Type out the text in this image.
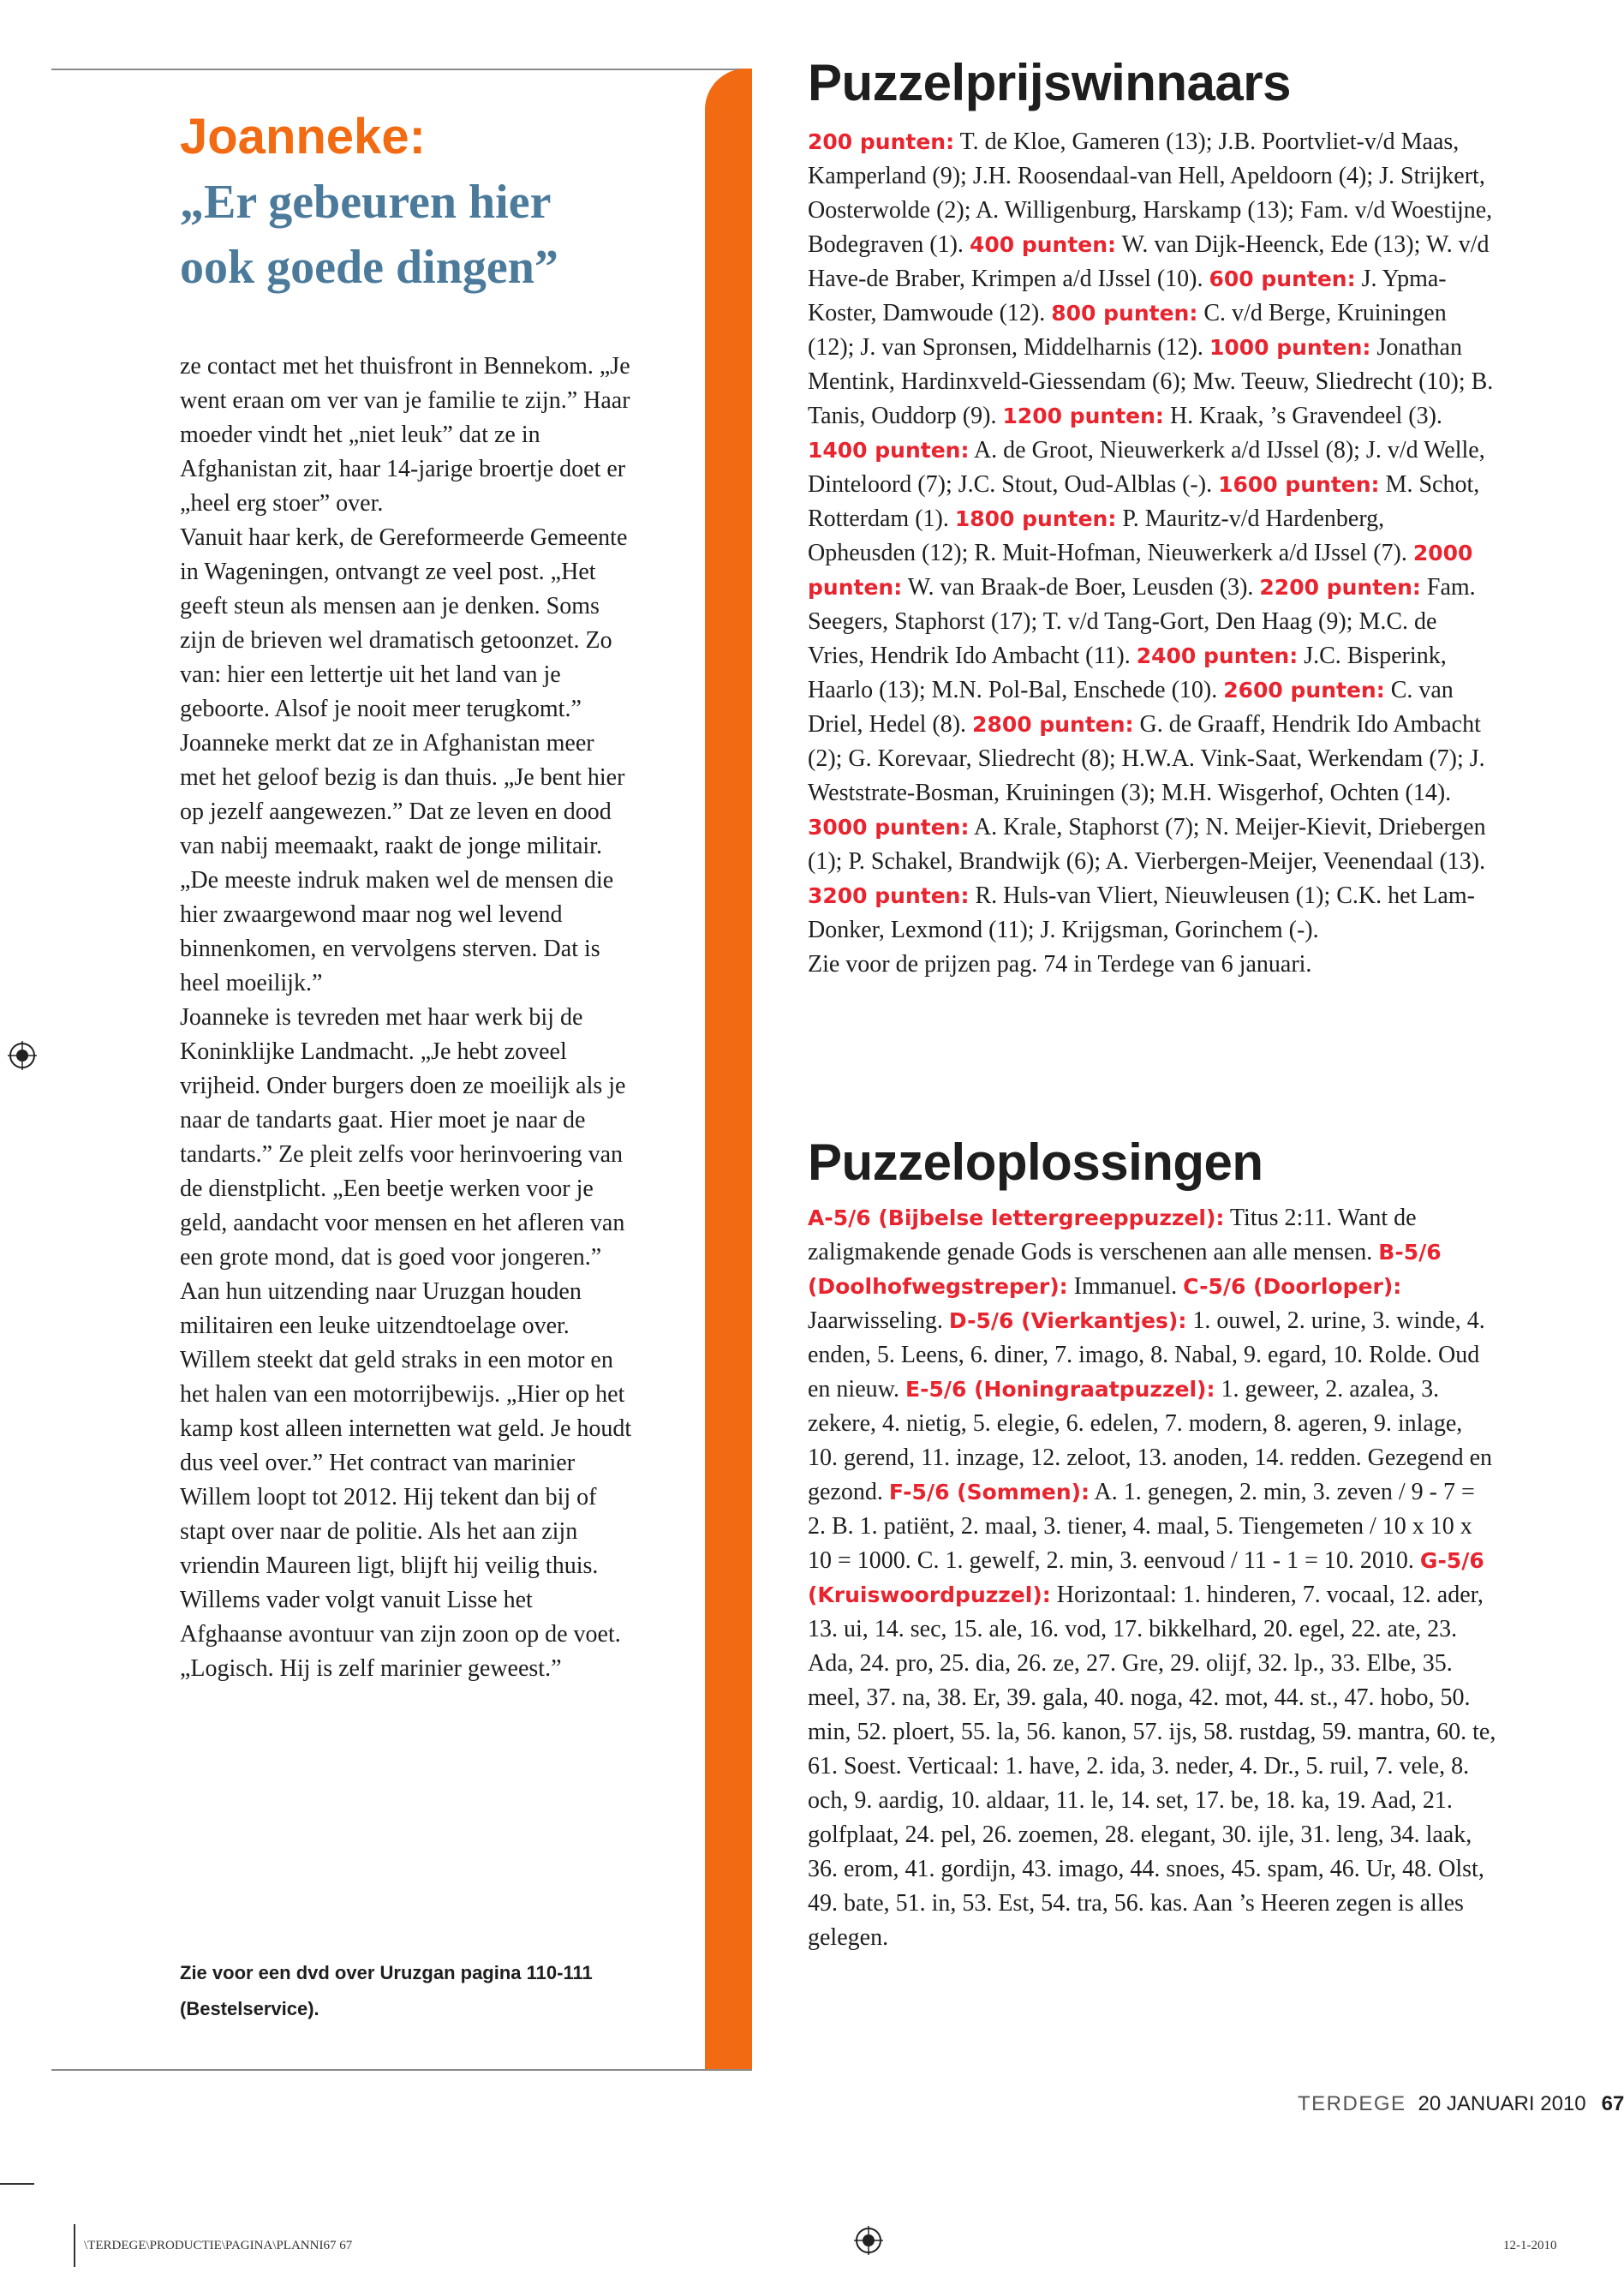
Joanneke:
„Er gebeuren hier
ook goede dingen”

ze contact met het thuisfront in Bennekom. „Je went eraan om ver van je familie te zijn.” Haar moeder vindt het „niet leuk” dat ze in Afghanistan zit, haar 14-jarige broertje doet er „heel erg stoer” over.

Vanuit haar kerk, de Gereformeerde Gemeente in Wageningen, ontvangt ze veel post. „Het geeft steun als mensen aan je denken. Soms zijn de brieven wel dramatisch getoonzet. Zo van: hier een lettertje uit het land van je geboorte. Alsof je nooit meer terugkomt.”

Joanneke merkt dat ze in Afghanistan meer met het geloof bezig is dan thuis. „Je bent hier op jezelf aangewezen.” Dat ze leven en dood van nabij meemaakt, raakt de jonge militair. „De meeste indruk maken wel de mensen die hier zwaargewond maar nog wel levend binnenkomen, en vervolgens sterven. Dat is heel moeilijk.”

Joanneke is tevreden met haar werk bij de Koninklijke Landmacht. „Je hebt zoveel vrijheid. Onder burgers doen ze moeilijk als je naar de tandarts gaat. Hier moet je naar de tandarts.” Ze pleit zelfs voor herinvoering van de dienstplicht. „Een beetje werken voor je geld, aandacht voor mensen en het afleren van een grote mond, dat is goed voor jongeren.”

Aan hun uitzending naar Uruzgan houden militairen een leuke uitzendtoelage over. Willem steekt dat geld straks in een motor en het halen van een motorrijbewijs. „Hier op het kamp kost alleen internetten wat geld. Je houdt dus veel over.” Het contract van marinier Willem loopt tot 2012. Hij tekent dan bij of stapt over naar de politie. Als het aan zijn vriendin Maureen ligt, blijft hij veilig thuis. Willems vader volgt vanuit Lisse het Afghaanse avontuur van zijn zoon op de voet. „Logisch. Hij is zelf marinier geweest.”

Zie voor een dvd over Uruzgan pagina 110-111 (Bestelservice).

Puzzelprijswinnaars

200 punten: T. de Kloe, Gameren (13); J.B. Poortvliet-v/d Maas, Kamperland (9); J.H. Roosendaal-van Hell, Apeldoorn (4); J. Strijkert, Oosterwolde (2); A. Willigenburg, Harskamp (13); Fam. v/d Woestijne, Bodegraven (1). 400 punten: W. van Dijk-Heenck, Ede (13); W. v/d Have-de Braber, Krimpen a/d IJssel (10). 600 punten: J. Ypma-Koster, Damwoude (12). 800 punten: C. v/d Berge, Kruiningen (12); J. van Spronsen, Middelharnis (12). 1000 punten: Jonathan Mentink, Hardinxveld-Giessendam (6); Mw. Teeuw, Sliedrecht (10); B. Tanis, Ouddorp (9). 1200 punten: H. Kraak, ’s Gravendeel (3). 1400 punten: A. de Groot, Nieuwerkerk a/d IJssel (8); J. v/d Welle, Dinteloord (7); J.C. Stout, Oud-Alblas (-). 1600 punten: M. Schot, Rotterdam (1). 1800 punten: P. Mauritz-v/d Hardenberg, Opheusden (12); R. Muit-Hofman, Nieuwerkerk a/d IJssel (7). 2000 punten: W. van Braak-de Boer, Leusden (3). 2200 punten: Fam. Seegers, Staphorst (17); T. v/d Tang-Gort, Den Haag (9); M.C. de Vries, Hendrik Ido Ambacht (11). 2400 punten: J.C. Bisperink, Haarlo (13); M.N. Pol-Bal, Enschede (10). 2600 punten: C. van Driel, Hedel (8). 2800 punten: G. de Graaff, Hendrik Ido Ambacht (2); G. Korevaar, Sliedrecht (8); H.W.A. Vink-Saat, Werkendam (7); J. Weststrate-Bosman, Kruiningen (3); M.H. Wisgerhof, Ochten (14). 3000 punten: A. Krale, Staphorst (7); N. Meijer-Kievit, Driebergen (1); P. Schakel, Brandwijk (6); A. Vierbergen-Meijer, Veenendaal (13). 3200 punten: R. Huls-van Vliert, Nieuwleusen (1); C.K. het Lam-Donker, Lexmond (11); J. Krijgsman, Gorinchem (-).

Zie voor de prijzen pag. 74 in Terdege van 6 januari.

Puzzeloplossingen

A-5/6 (Bijbelse lettergreeppuzzel): Titus 2:11. Want de zaligmakende genade Gods is verschenen aan alle mensen. B-5/6 (Doolhofwegstreper): Immanuel. C-5/6 (Doorloper): Jaarwisseling. D-5/6 (Vierkantjes): 1. ouwel, 2. urine, 3. winde, 4. enden, 5. Leens, 6. diner, 7. imago, 8. Nabal, 9. egard, 10. Rolde. Oud en nieuw. E-5/6 (Honingraatpuzzel): 1. geweer, 2. azalea, 3. zekere, 4. nietig, 5. elegie, 6. edelen, 7. modern, 8. ageren, 9. inlage, 10. gerend, 11. inzage, 12. zeloot, 13. anoden, 14. redden. Gezegend en gezond. F-5/6 (Sommen): A. 1. genegen, 2. min, 3. zeven / 9 - 7 = 2. B. 1. patiënt, 2. maal, 3. tiener, 4. maal, 5. Tiengemeten / 10 x 10 x 10 = 1000. C. 1. gewelf, 2. min, 3. eenvoud / 11 - 1 = 10. 2010. G-5/6 (Kruiswoordpuzzel): Horizontaal: 1. hinderen, 7. vocaal, 12. ader, 13. ui, 14. sec, 15. ale, 16. vod, 17. bikkelhard, 20. egel, 22. ate, 23. Ada, 24. pro, 25. dia, 26. ze, 27. Gre, 29. olijf, 32. lp., 33. Elbe, 35. meel, 37. na, 38. Er, 39. gala, 40. noga, 42. mot, 44. st., 47. hobo, 50. min, 52. ploert, 55. la, 56. kanon, 57. ijs, 58. rustdag, 59. mantra, 60. te, 61. Soest. Verticaal: 1. have, 2. ida, 3. neder, 4. Dr., 5. ruil, 7. vele, 8. och, 9. aardig, 10. aldaar, 11. le, 14. set, 17. be, 18. ka, 19. Aad, 21. golfplaat, 24. pel, 26. zoemen, 28. elegant, 30. ijle, 31. leng, 34. laak, 36. erom, 41. gordijn, 43. imago, 44. snoes, 45. spam, 46. Ur, 48. Olst, 49. bate, 51. in, 53. Est, 54. tra, 56. kas. Aan ’s Heeren zegen is alles gelegen.

TERDEGE 20 JANUARI 2010 67
\TERDEGE\PRODUCTIE\PAGINA\PLANNI67 67	12-1-2010
